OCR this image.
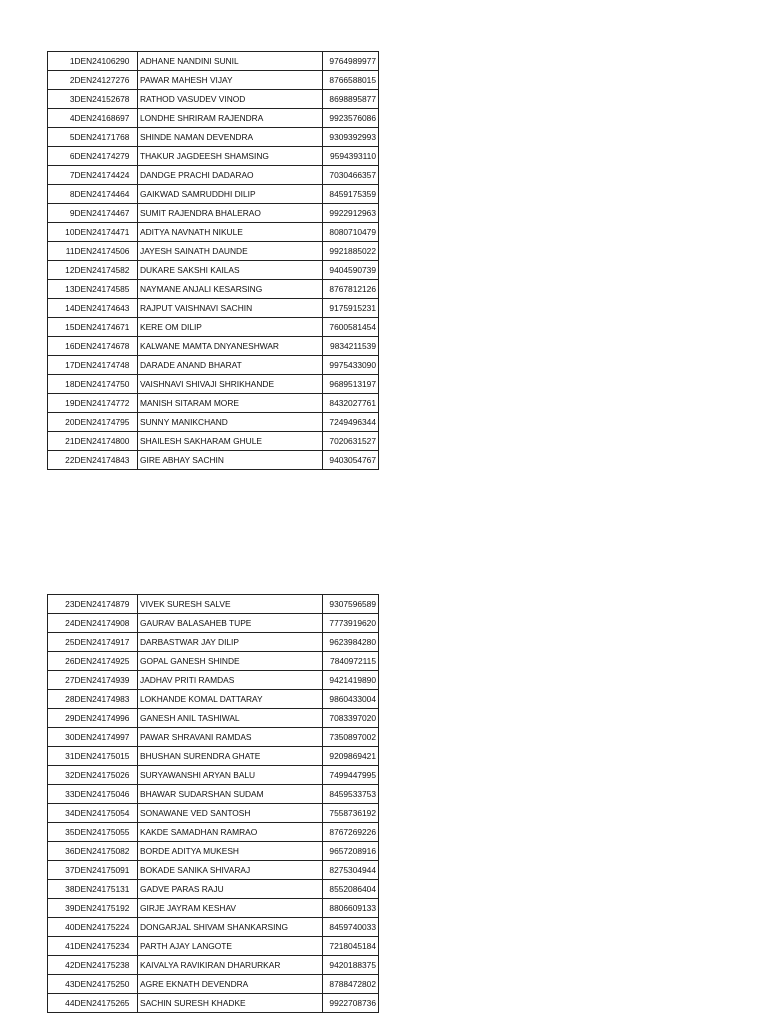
1	DEN24106290	ADHANE NANDINI SUNIL	9764989977
2	DEN24127276	PAWAR MAHESH VIJAY	8766588015
3	DEN24152678	RATHOD VASUDEV VINOD	8698895877
4	DEN24168697	LONDHE SHRIRAM RAJENDRA	9923576086
5	DEN24171768	SHINDE NAMAN DEVENDRA	9309392993
6	DEN24174279	THAKUR JAGDEESH SHAMSING	9594393110
7	DEN24174424	DANDGE PRACHI DADARAO	7030466357
8	DEN24174464	GAIKWAD SAMRUDDHI DILIP	8459175359
9	DEN24174467	SUMIT RAJENDRA BHALERAO	9922912963
10	DEN24174471	ADITYA NAVNATH NIKULE	8080710479
11	DEN24174506	JAYESH SAINATH DAUNDE	9921885022
12	DEN24174582	DUKARE SAKSHI KAILAS	9404590739
13	DEN24174585	NAYMANE ANJALI KESARSING	8767812126
14	DEN24174643	RAJPUT VAISHNAVI SACHIN	9175915231
15	DEN24174671	KERE OM DILIP	7600581454
16	DEN24174678	KALWANE MAMTA DNYANESHWAR	9834211539
17	DEN24174748	DARADE ANAND BHARAT	9975433090
18	DEN24174750	VAISHNAVI SHIVAJI SHRIKHANDE	9689513197
19	DEN24174772	MANISH SITARAM MORE	8432027761
20	DEN24174795	SUNNY MANIKCHAND	7249496344
21	DEN24174800	SHAILESH SAKHARAM GHULE	7020631527
22	DEN24174843	GIRE ABHAY SACHIN	9403054767
23	DEN24174879	VIVEK SURESH SALVE	9307596589
24	DEN24174908	GAURAV BALASAHEB TUPE	7773919620
25	DEN24174917	DARBASTWAR JAY DILIP	9623984280
26	DEN24174925	GOPAL GANESH SHINDE	7840972115
27	DEN24174939	JADHAV PRITI RAMDAS	9421419890
28	DEN24174983	LOKHANDE KOMAL DATTARAY	9860433004
29	DEN24174996	GANESH ANIL TASHIWAL	7083397020
30	DEN24174997	PAWAR SHRAVANI RAMDAS	7350897002
31	DEN24175015	BHUSHAN SURENDRA GHATE	9209869421
32	DEN24175026	SURYAWANSHI ARYAN BALU	7499447995
33	DEN24175046	BHAWAR SUDARSHAN SUDAM	8459533753
34	DEN24175054	SONAWANE VED SANTOSH	7558736192
35	DEN24175055	KAKDE SAMADHAN RAMRAO	8767269226
36	DEN24175082	BORDE ADITYA MUKESH	9657208916
37	DEN24175091	BOKADE SANIKA SHIVARAJ	8275304944
38	DEN24175131	GADVE PARAS RAJU	8552086404
39	DEN24175192	GIRJE JAYRAM KESHAV	8806609133
40	DEN24175224	DONGARJAL SHIVAM SHANKARSING	8459740033
41	DEN24175234	PARTH AJAY LANGOTE	7218045184
42	DEN24175238	KAIVALYA RAVIKIRAN DHARURKAR	9420188375
43	DEN24175250	AGRE EKNATH DEVENDRA	8788472802
44	DEN24175265	SACHIN SURESH KHADKE	9922708736
